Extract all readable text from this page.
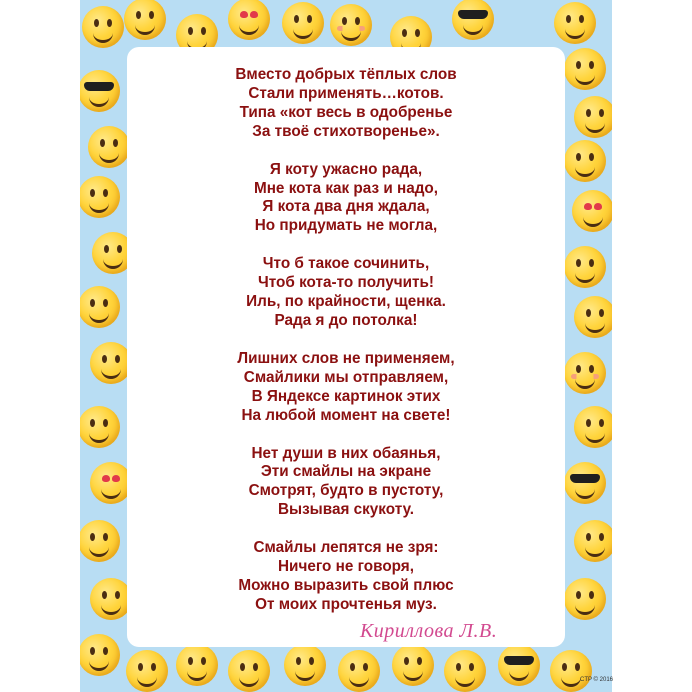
Вместо добрых тёплых слов
Стали применять…котов.
Типа «кот весь в одобренье
За твоё стихотворенье».
Я коту ужасно рада,
Мне кота как раз и надо,
Я кота два дня ждала,
Но придумать не могла,
Что б такое сочинить,
Чтоб кота-то получить!
Иль, по крайности, щенка.
Рада я до потолка!
Лишних слов не применяем,
Смайлики мы отправляем,
В Яндексе картинок этих
На любой момент на свете!
Нет души в них обаянья,
Эти смайлы на экране
Смотрят, будто в пустоту,
Вызывая скукоту.
Смайлы лепятся не зря:
Ничего не говоря,
Можно выразить свой плюс
От моих прочтенья муз.
Кириллова Л.В.
CTP © 2016
